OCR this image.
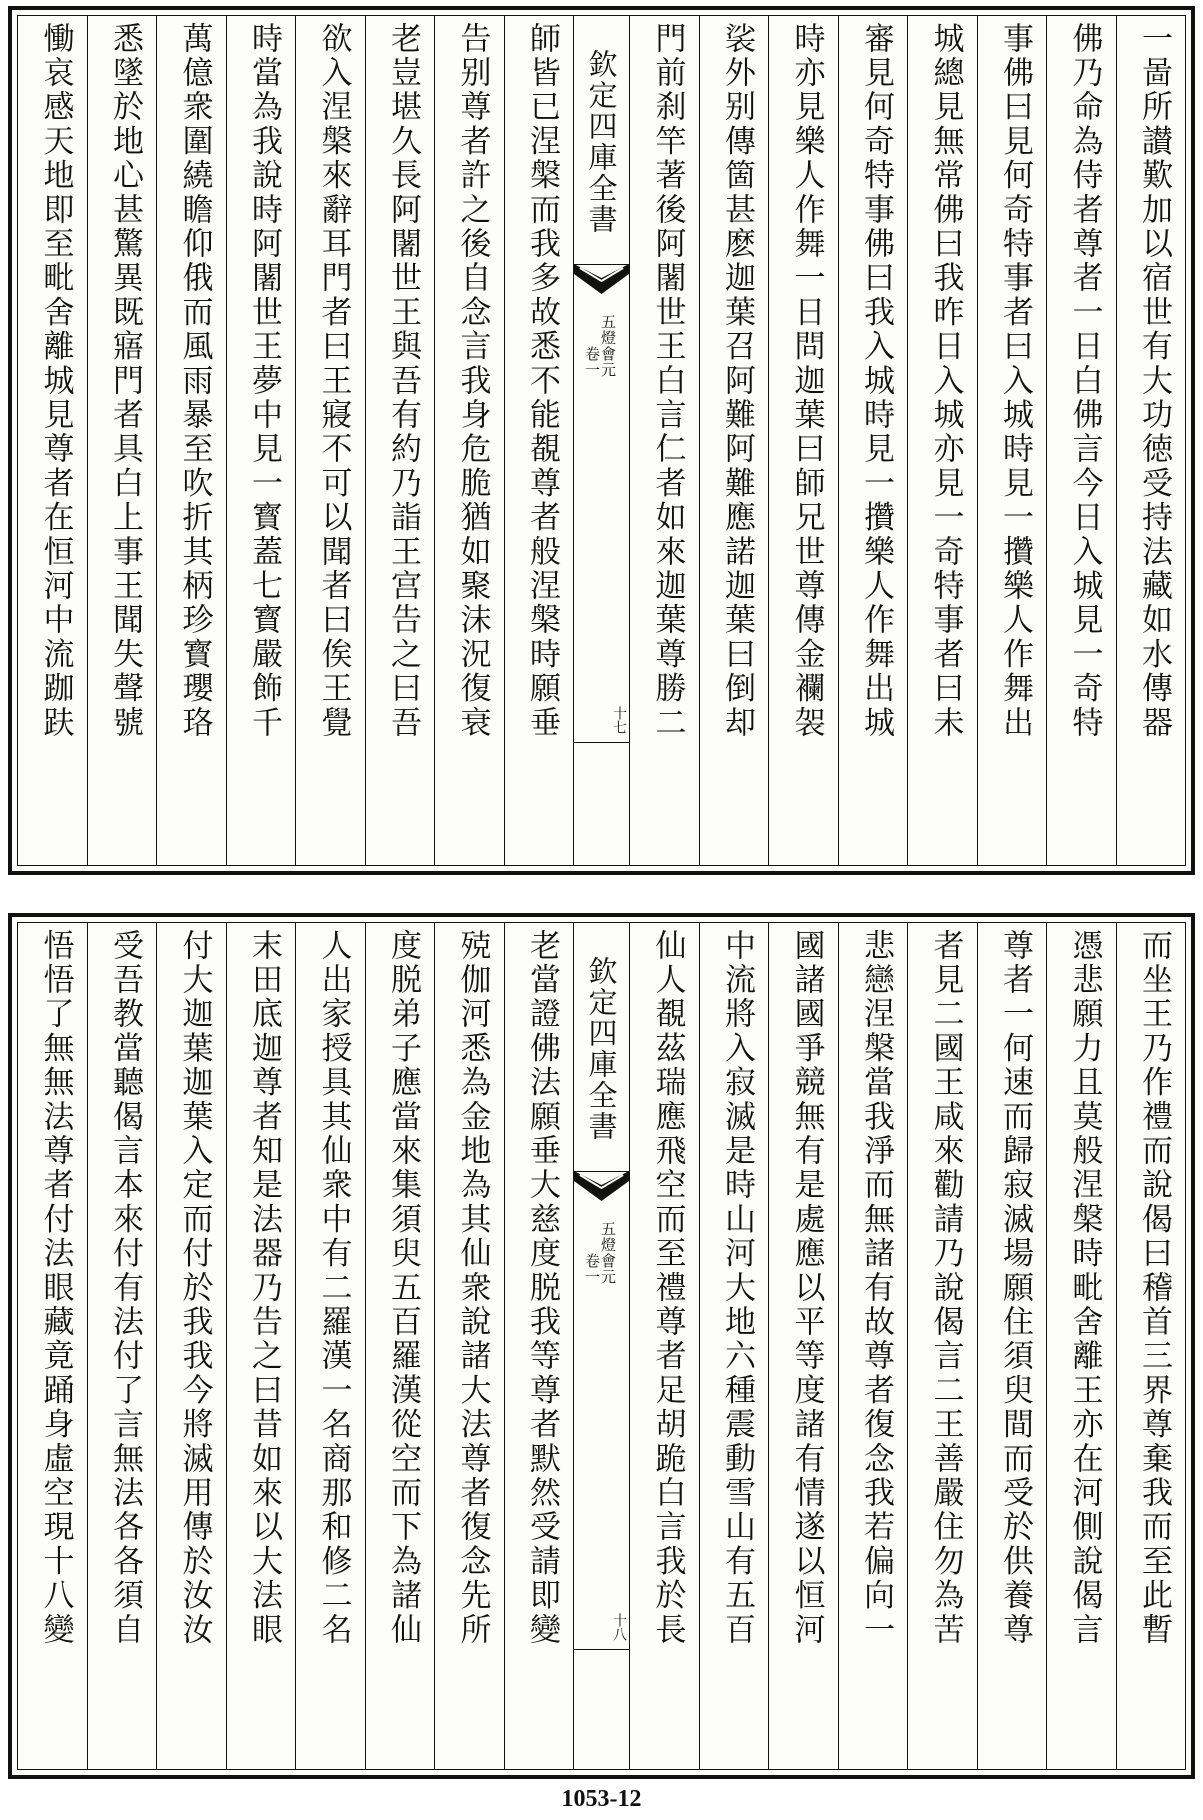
一啚所讃歎加以宿世有大功徳受持法藏如水傳器
佛乃命為侍者尊者一日白佛言今日入城見一奇特
事佛曰見何奇特事者曰入城時見一攢樂人作舞出
城總見無常佛曰我昨日入城亦見一奇特事者曰未
審見何奇特事佛曰我入城時見一攢樂人作舞出城
時亦見樂人作舞一日問迦葉曰師兄世尊傳金襴袈
裟外别傳箇甚麽迦葉召阿難阿難應諾迦葉曰倒却
門前刹竿著後阿闍世王白言仁者如來迦葉尊勝二
欽定四庫全書
五燈會元
卷一
十七
師皆已涅槃而我多故悉不能覩尊者般涅槃時願垂
告别尊者許之後自念言我身危脆猶如聚沫況復衰
老豈堪久長阿闍世王與吾有約乃詣王宫告之曰吾
欲入涅槃來辭耳門者曰王寢不可以聞者曰俟王覺
時當為我說時阿闍世王夢中見一寳蓋七寳嚴飾千
萬億衆圍繞瞻仰俄而風雨暴至吹折其柄珍寳瓔珞
悉墜於地心甚驚異既寤門者具白上事王聞失聲號
慟哀感天地即至毗舍離城見尊者在恒河中流跏趺
而坐王乃作禮而說偈曰稽首三界尊棄我而至此暫
憑悲願力且莫般涅槃時毗舍離王亦在河側說偈言
尊者一何速而歸寂滅場願住須臾間而受於供養尊
者見二國王咸來勸請乃說偈言二王善嚴住勿為苦
悲戀涅槃當我淨而無諸有故尊者復念我若偏向一
國諸國爭競無有是處應以平等度諸有情遂以恒河
中流將入寂滅是時山河大地六種震動雪山有五百
仙人覩茲瑞應飛空而至禮尊者足胡跪白言我於長
欽定四庫全書
五燈會元
卷一
十八
老當證佛法願垂大慈度脱我等尊者默然受請即變
殑伽河悉為金地為其仙衆說諸大法尊者復念先所
度脱弟子應當來集須臾五百羅漢從空而下為諸仙
人出家授具其仙衆中有二羅漢一名商那和修二名
末田底迦尊者知是法器乃告之曰昔如來以大法眼
付大迦葉迦葉入定而付於我我今將滅用傳於汝汝
受吾教當聽偈言本來付有法付了言無法各各須自
悟悟了無無法尊者付法眼藏竟踊身虛空現十八變
1053-12
